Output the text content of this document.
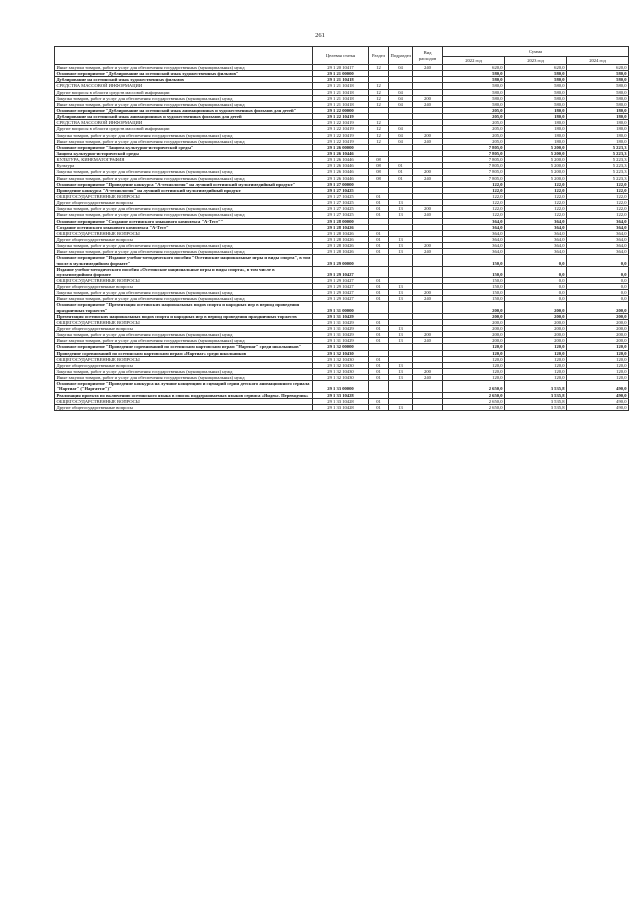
261
	Целевая статья	Раздел	Подраздел	Вид расходов	Сумма		
					2022 год	2023 год	2024 год
Иные закупки товаров, работ и услуг для обеспечения государственных (муниципальных) нужд	29 1 20 10417	12	04	240	620,0	620,0	620,0
Основное мероприятие "Дублирование на осетинский язык художественных фильмов"	29 1 21 00000				580,0	580,0	580,0
Дублирование на осетинский язык художественных фильмов	29 1 21 10418				580,0	580,0	580,0
СРЕДСТВА МАССОВОЙ ИНФОРМАЦИИ	29 1 21 10418	12			580,0	580,0	580,0
Другие вопросы в области средств массовой информации	29 1 21 10418	12	04		580,0	580,0	580,0
Закупка товаров, работ и услуг для обеспечения государственных (муниципальных) нужд	29 1 21 10418	12	04	200	580,0	580,0	580,0
Иные закупки товаров, работ и услуг для обеспечения государственных (муниципальных) нужд	29 1 21 10418	12	04	240	580,0	580,0	580,0
Основное мероприятие "Дублирование на осетинский язык анимационных и художественных фильмов для детей"	29 1 22 00000				205,0	180,0	180,0
Дублирование на осетинский язык анимационных и художественных фильмов для детей	29 1 22 10419				205,0	180,0	180,0
СРЕДСТВА МАССОВОЙ ИНФОРМАЦИИ	29 1 22 10419	12			205,0	180,0	180,0
Другие вопросы в области средств массовой информации	29 1 22 10419	12	04		205,0	180,0	180,0
Закупка товаров, работ и услуг для обеспечения государственных (муниципальных) нужд	29 1 22 10419	12	04	200	205,0	180,0	180,0
Иные закупки товаров, работ и услуг для обеспечения государственных (муниципальных) нужд	29 1 22 10419	12	04	240	205,0	180,0	180,0
Основное мероприятие "Защита культурно-исторической среды"	29 1 26 00000				7 805,0	5 200,0	5 223,3
Защита культурно-исторической среды	29 1 26 10446				7 805,0	5 200,0	5 223,3
КУЛЬТУРА, КИНЕМАТОГРАФИЯ	29 1 26 10446	08			7 805,0	5 200,0	5 223,3
Культура	29 1 26 10446	08	01		7 805,0	5 200,0	5 223,3
Закупка товаров, работ и услуг для обеспечения государственных (муниципальных) нужд	29 1 26 10446	08	01	200	7 805,0	5 200,0	5 223,3
Иные закупки товаров, работ и услуг для обеспечения государственных (муниципальных) нужд	29 1 26 10446	08	01	240	7 805,0	5 200,0	5 223,3
Основное мероприятие "Проведение конкурса "А-технология" на лучший осетинский мультимедийный продукт"	29 1 27 00000				122,0	122,0	122,0
Проведение конкурса "А-технология" на лучший осетинский мультимедийный продукт	29 1 27 10425				122,0	122,0	122,0
ОБЩЕГОСУДАРСТВЕННЫЕ ВОПРОСЫ	29 1 27 10425	01			122,0	122,0	122,0
Другие общегосударственные вопросы	29 1 27 10425	01	13		122,0	122,0	122,0
Закупка товаров, работ и услуг для обеспечения государственных (муниципальных) нужд	29 1 27 10425	01	13	200	122,0	122,0	122,0
Иные закупки товаров, работ и услуг для обеспечения государственных (муниципальных) нужд	29 1 27 10425	01	13	240	122,0	122,0	122,0
Основное мероприятие "Создание осетинского языкового комплекса "А-Тест""	29 1 28 00000				364,0	364,0	364,0
Создание осетинского языкового комплекса "А-Тест"	29 1 28 10426				364,0	364,0	364,0
ОБЩЕГОСУДАРСТВЕННЫЕ ВОПРОСЫ	29 1 28 10426	01			364,0	364,0	364,0
Другие общегосударственные вопросы	29 1 28 10426	01	13		364,0	364,0	364,0
Закупка товаров, работ и услуг для обеспечения государственных (муниципальных) нужд	29 1 28 10426	01	13	200	364,0	364,0	364,0
Иные закупки товаров, работ и услуг для обеспечения государственных (муниципальных) нужд	29 1 28 10426	01	13	240	364,0	364,0	364,0
Основное мероприятие "Издание учебно-методического пособия "Осетинские национальные игры и виды спорта", в том числе в мультимедийном формате"	29 1 29 00000				150,0	0,0	0,0
Издание учебно-методического пособия «Осетинские национальные игры и виды спорта», в том числе в мультимедийном формате	29 1 29 10427				150,0	0,0	0,0
ОБЩЕГОСУДАРСТВЕННЫЕ ВОПРОСЫ	29 1 29 10427	01			150,0	0,0	0,0
Другие общегосударственные вопросы	29 1 29 10427	01	13		150,0	0,0	0,0
Закупка товаров, работ и услуг для обеспечения государственных (муниципальных) нужд	29 1 29 10427	01	13	200	150,0	0,0	0,0
Иные закупки товаров, работ и услуг для обеспечения государственных (муниципальных) нужд	29 1 29 10427	01	13	240	150,0	0,0	0,0
Основное мероприятие "Презентация осетинских национальных видов спорта и народных игр в период проведения праздничных торжеств"	29 1 31 00000				200,0	200,0	200,0
Презентация осетинских национальных видов спорта и народных игр в период проведения праздничных торжеств	29 1 31 10429				200,0	200,0	200,0
ОБЩЕГОСУДАРСТВЕННЫЕ ВОПРОСЫ	29 1 31 10429	01			200,0	200,0	200,0
Другие общегосударственные вопросы	29 1 31 10429	01	13		200,0	200,0	200,0
Закупка товаров, работ и услуг для обеспечения государственных (муниципальных) нужд	29 1 31 10429	01	13	200	200,0	200,0	200,0
Иные закупки товаров, работ и услуг для обеспечения государственных (муниципальных) нужд	29 1 31 10429	01	13	240	200,0	200,0	200,0
Основное мероприятие "Проведение соревнований по осетинским нартовским играм "Нартиаг" среди школьников"	29 1 32 00000				120,0	120,0	120,0
Проведение соревнований по осетинским нартовским играм «Нартиаг» среди школьников	29 1 32 10430				120,0	120,0	120,0
ОБЩЕГОСУДАРСТВЕННЫЕ ВОПРОСЫ	29 1 32 10430	01			120,0	120,0	120,0
Другие общегосударственные вопросы	29 1 32 10430	01	13		120,0	120,0	120,0
Закупка товаров, работ и услуг для обеспечения государственных (муниципальных) нужд	29 1 32 10430	01	13	200	120,0	120,0	120,0
Иные закупки товаров, работ и услуг для обеспечения государственных (муниципальных) нужд	29 1 32 10430	01	13	240	120,0	120,0	120,0
Основное мероприятие "Проведение конкурса на лучшие концепцию и сценарий серии детского анимационного сериала "Нартиаг" ("Наргаттæ")"	29 1 33 00000				2 650,0	3 535,8	490,0
Реализация проекта по включению осетинского языка в список поддерживаемых языков сервиса «Яндекс. Переводчик»	29 1 33 10428				2 650,0	3 535,8	490,0
ОБЩЕГОСУДАРСТВЕННЫЕ ВОПРОСЫ	29 1 33 10428	01			2 650,0	3 535,8	490,0
Другие общегосударственные вопросы	29 1 33 10428	01	13		2 650,0	3 535,8	490,0
